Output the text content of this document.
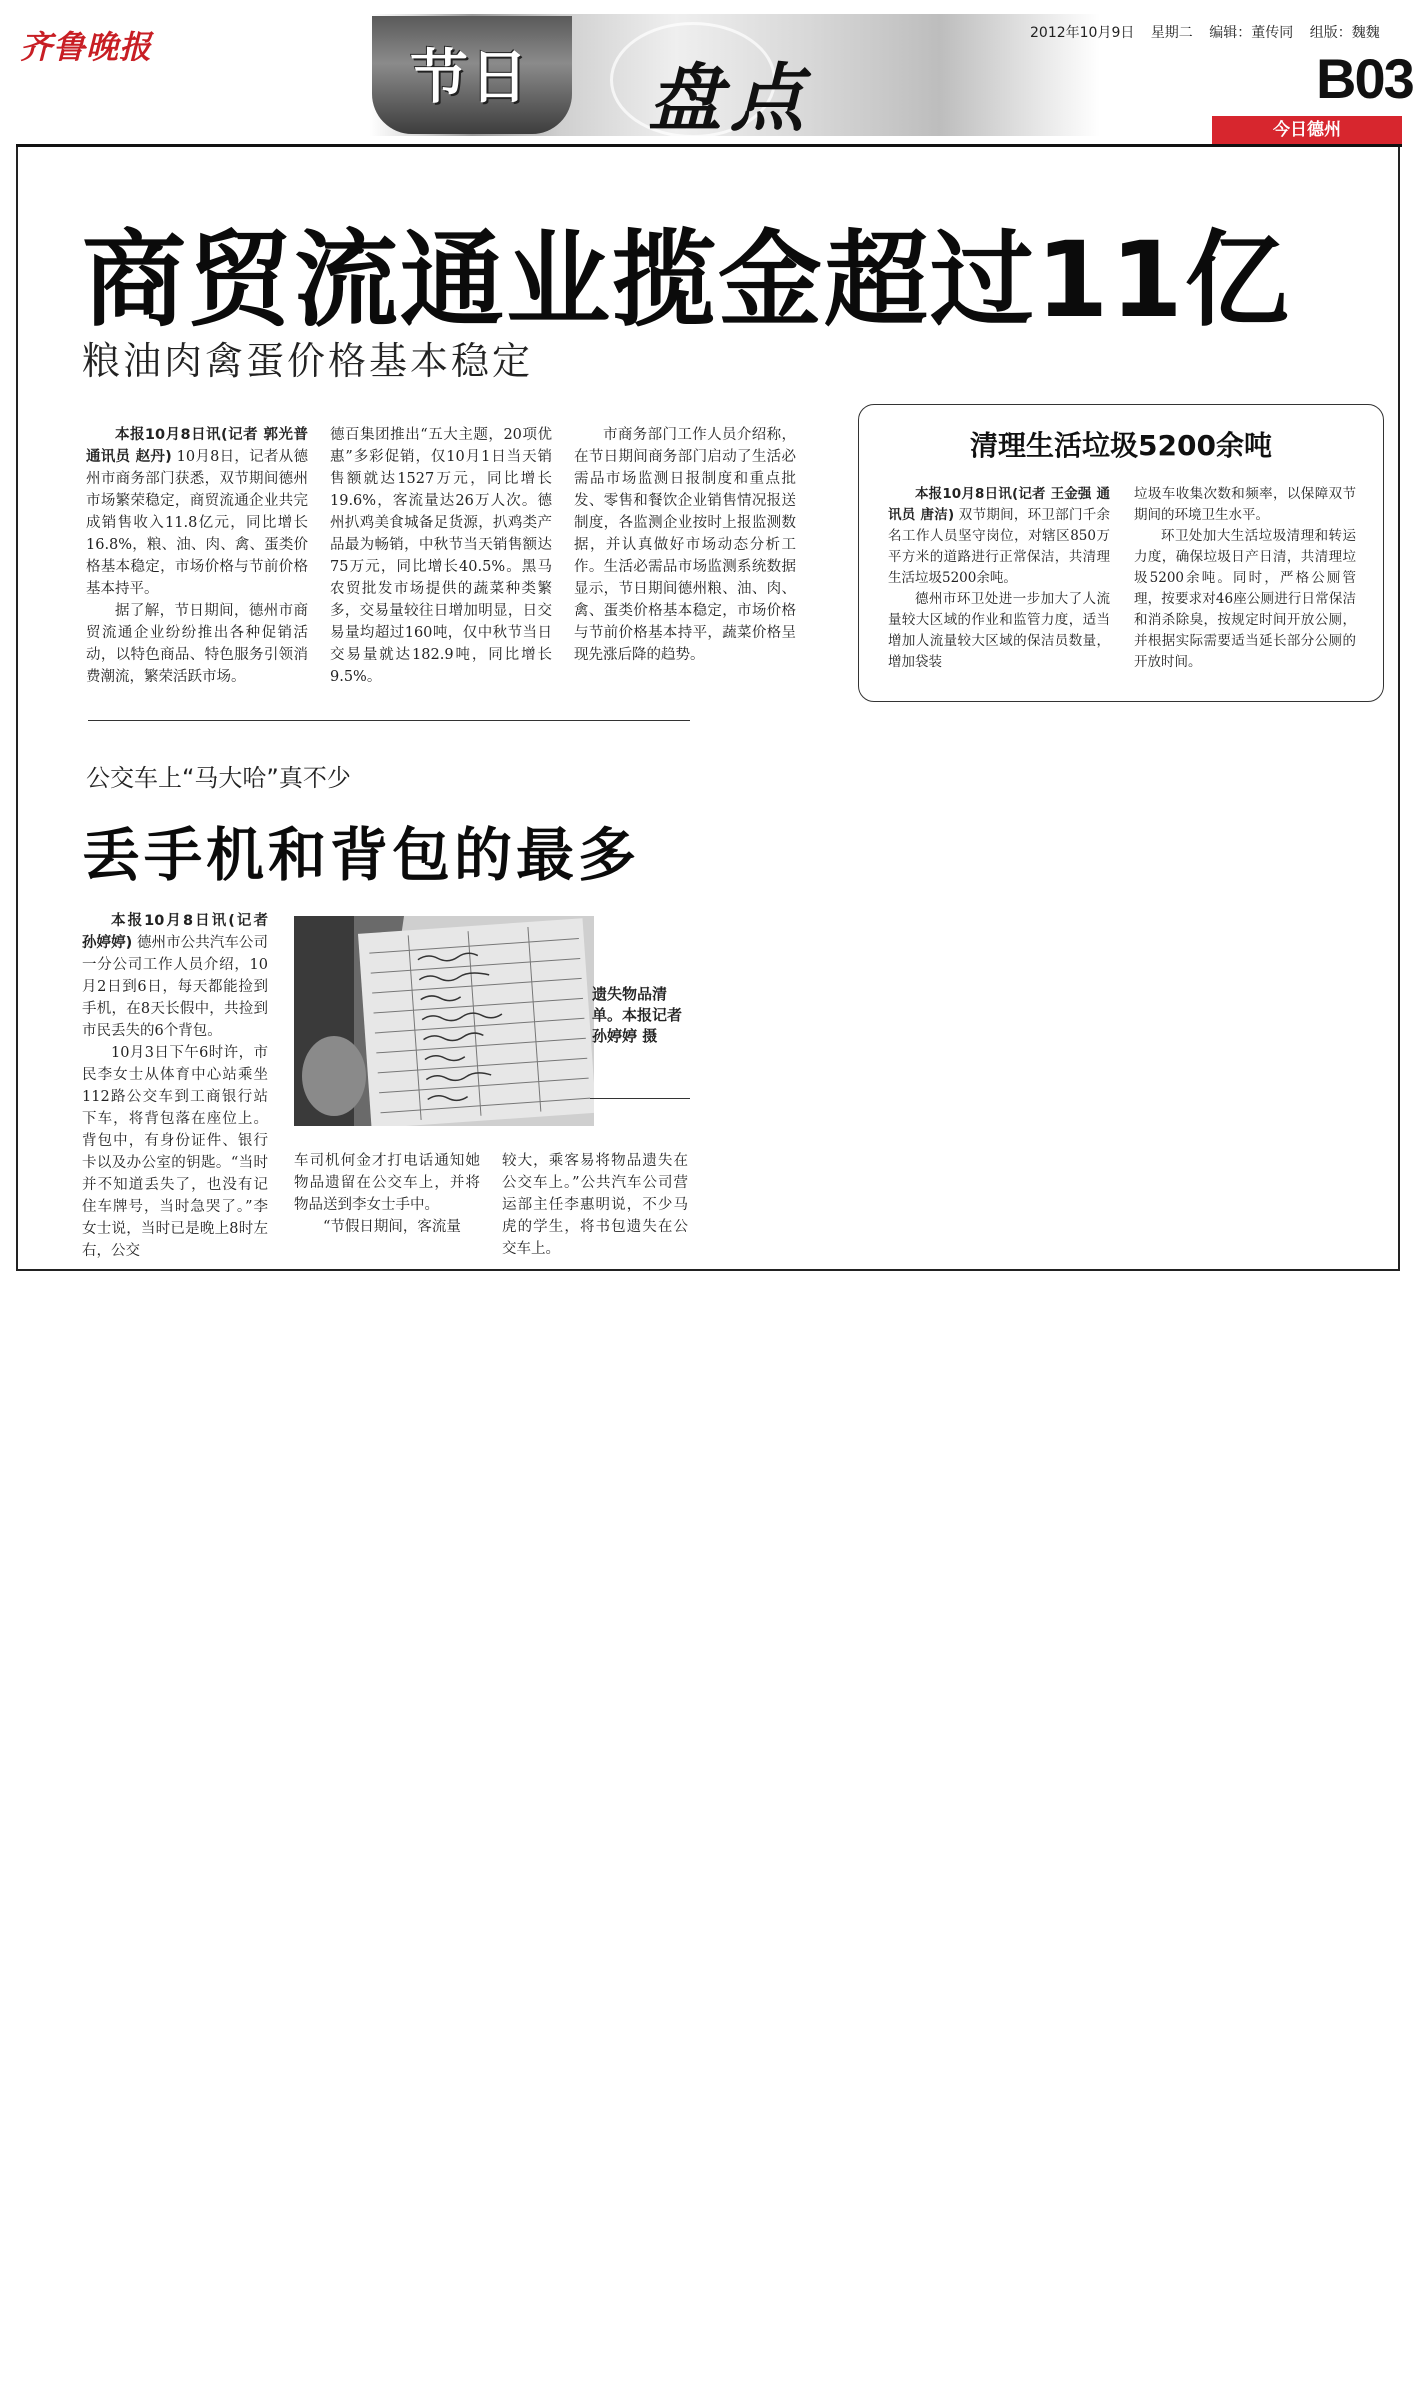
齐鲁晚报	节日 盘点
2012年10月9日 星期二 编辑：董传同 组版：魏魏
B03
今日德州
商贸流通业揽金超过11亿
粮油肉禽蛋价格基本稳定

本报10月8日讯(记者 郭光普 通讯员 赵丹) 10月8日，记者从德州市商务部门获悉，双节期间德州市场繁荣稳定，商贸流通企业共完成销售收入11.8亿元，同比增长16.8%，粮、油、肉、禽、蛋类价格基本稳定，市场价格与节前价格基本持平。

据了解，节日期间，德州市商贸流通企业纷纷推出各种促销活动，以特色商品、特色服务引领消费潮流，繁荣活跃市场。

德百集团推出“五大主题，20项优惠”多彩促销，仅10月1日当天销售额就达1527万元，同比增长19.6%，客流量达26万人次。德州扒鸡美食城备足货源，扒鸡类产品最为畅销，中秋节当天销售额达75万元，同比增长40.5%。黑马农贸批发市场提供的蔬菜种类繁多，交易量较往日增加明显，日交易量均超过160吨，仅中秋节当日交易量就达182.9吨，同比增长9.5%。

市商务部门工作人员介绍称，在节日期间商务部门启动了生活必需品市场监测日报制度和重点批发、零售和餐饮企业销售情况报送制度，各监测企业按时上报监测数据，并认真做好市场动态分析工作。生活必需品市场监测系统数据显示，节日期间德州粮、油、肉、禽、蛋类价格基本稳定，市场价格与节前价格基本持平，蔬菜价格呈现先涨后降的趋势。

清理生活垃圾5200余吨

本报10月8日讯(记者 王金强 通讯员 唐洁) 双节期间，环卫部门千余名工作人员坚守岗位，对辖区850万平方米的道路进行正常保洁，共清理生活垃圾5200余吨。

德州市环卫处进一步加大了人流量较大区域的作业和监管力度，适当增加人流量较大区域的保洁员数量，增加袋装

垃圾车收集次数和频率，以保障双节期间的环境卫生水平。

环卫处加大生活垃圾清理和转运力度，确保垃圾日产日清，共清理垃圾5200余吨。同时，严格公厕管理，按要求对46座公厕进行日常保洁和消杀除臭，按规定时间开放公厕，并根据实际需要适当延长部分公厕的开放时间。

公交车上“马大哈”真不少
丢手机和背包的最多

本报10月8日讯(记者 孙婷婷) 德州市公共汽车公司一分公司工作人员介绍，10月2日到6日，每天都能捡到手机，在8天长假中，共捡到市民丢失的6个背包。

10月3日下午6时许，市民李女士从体育中心站乘坐112路公交车到工商银行站下车，将背包落在座位上。背包中，有身份证件、银行卡以及办公室的钥匙。“当时并不知道丢失了，也没有记住车牌号，当时急哭了。”李女士说，当时已是晚上8时左右，公交

遗失物品清单。本报记者 孙婷婷 摄
车司机何金才打电话通知她物品遗留在公交车上，并将物品送到李女士手中。

“节假日期间，客流量

较大，乘客易将物品遗失在公交车上。”公共汽车公司营运部主任李惠明说，不少马虎的学生，将书包遗失在公交车上。
